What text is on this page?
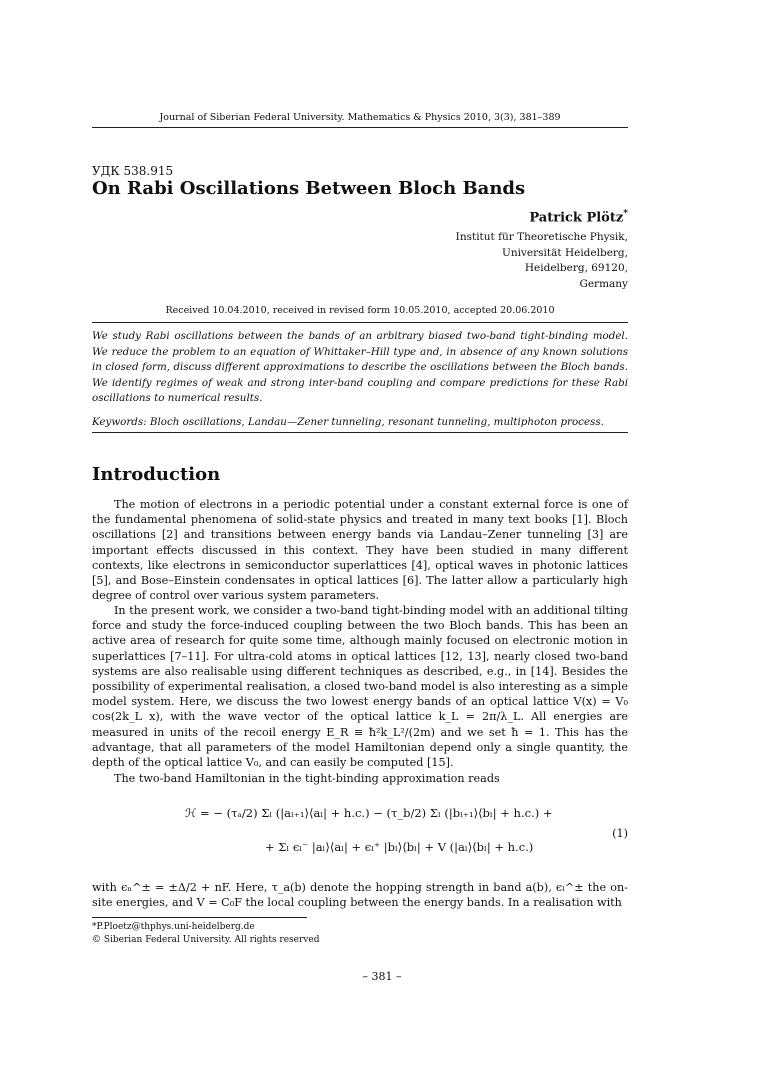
Journal of Siberian Federal University. Mathematics & Physics 2010, 3(3), 381–389
УДК 538.915
On Rabi Oscillations Between Bloch Bands
Patrick Plötz*
Institut für Theoretische Physik,
Universität Heidelberg,
Heidelberg, 69120,
Germany
Received 10.04.2010, received in revised form 10.05.2010, accepted 20.06.2010
We study Rabi oscillations between the bands of an arbitrary biased two-band tight-binding model. We reduce the problem to an equation of Whittaker–Hill type and, in absence of any known solutions in closed form, discuss different approximations to describe the oscillations between the Bloch bands. We identify regimes of weak and strong inter-band coupling and compare predictions for these Rabi oscillations to numerical results.
Keywords: Bloch oscillations, Landau—Zener tunneling, resonant tunneling, multiphoton process.
Introduction
The motion of electrons in a periodic potential under a constant external force is one of the fundamental phenomena of solid-state physics and treated in many text books [1]. Bloch oscillations [2] and transitions between energy bands via Landau–Zener tunneling [3] are important effects discussed in this context. They have been studied in many different contexts, like electrons in semiconductor superlattices [4], optical waves in photonic lattices [5], and Bose–Einstein condensates in optical lattices [6]. The latter allow a particularly high degree of control over various system parameters.
In the present work, we consider a two-band tight-binding model with an additional tilting force and study the force-induced coupling between the two Bloch bands. This has been an active area of research for quite some time, although mainly focused on electronic motion in superlattices [7–11]. For ultra-cold atoms in optical lattices [12, 13], nearly closed two-band systems are also realisable using different techniques as described, e.g., in [14]. Besides the possibility of experimental realisation, a closed two-band model is also interesting as a simple model system. Here, we discuss the two lowest energy bands of an optical lattice V(x) = V₀ cos(2k_L x), with the wave vector of the optical lattice k_L = 2π/λ_L. All energies are measured in units of the recoil energy E_R ≡ ħ²k_L²/(2m) and we set ħ = 1. This has the advantage, that all parameters of the model Hamiltonian depend only a single quantity, the depth of the optical lattice V₀, and can easily be computed [15].
The two-band Hamiltonian in the tight-binding approximation reads
ℋ = − (τₐ/2) Σₗ (|aₗ₊₁⟩⟨aₗ| + h.c.) − (τ_b/2) Σₗ (|bₗ₊₁⟩⟨bₗ| + h.c.) +
+ Σₗ ϵₗ⁻ |aₗ⟩⟨aₗ| + ϵₗ⁺ |bₗ⟩⟨bₗ| + V (|aₗ⟩⟨bₗ| + h.c.)
(1)
with ϵₙ^± = ±Δ/2 + nF. Here, τ_a(b) denote the hopping strength in band a(b), ϵₗ^± the on-site energies, and V = C₀F the local coupling between the energy bands. In a realisation with
*P.Ploetz@thphys.uni-heidelberg.de
© Siberian Federal University. All rights reserved
– 381 –
